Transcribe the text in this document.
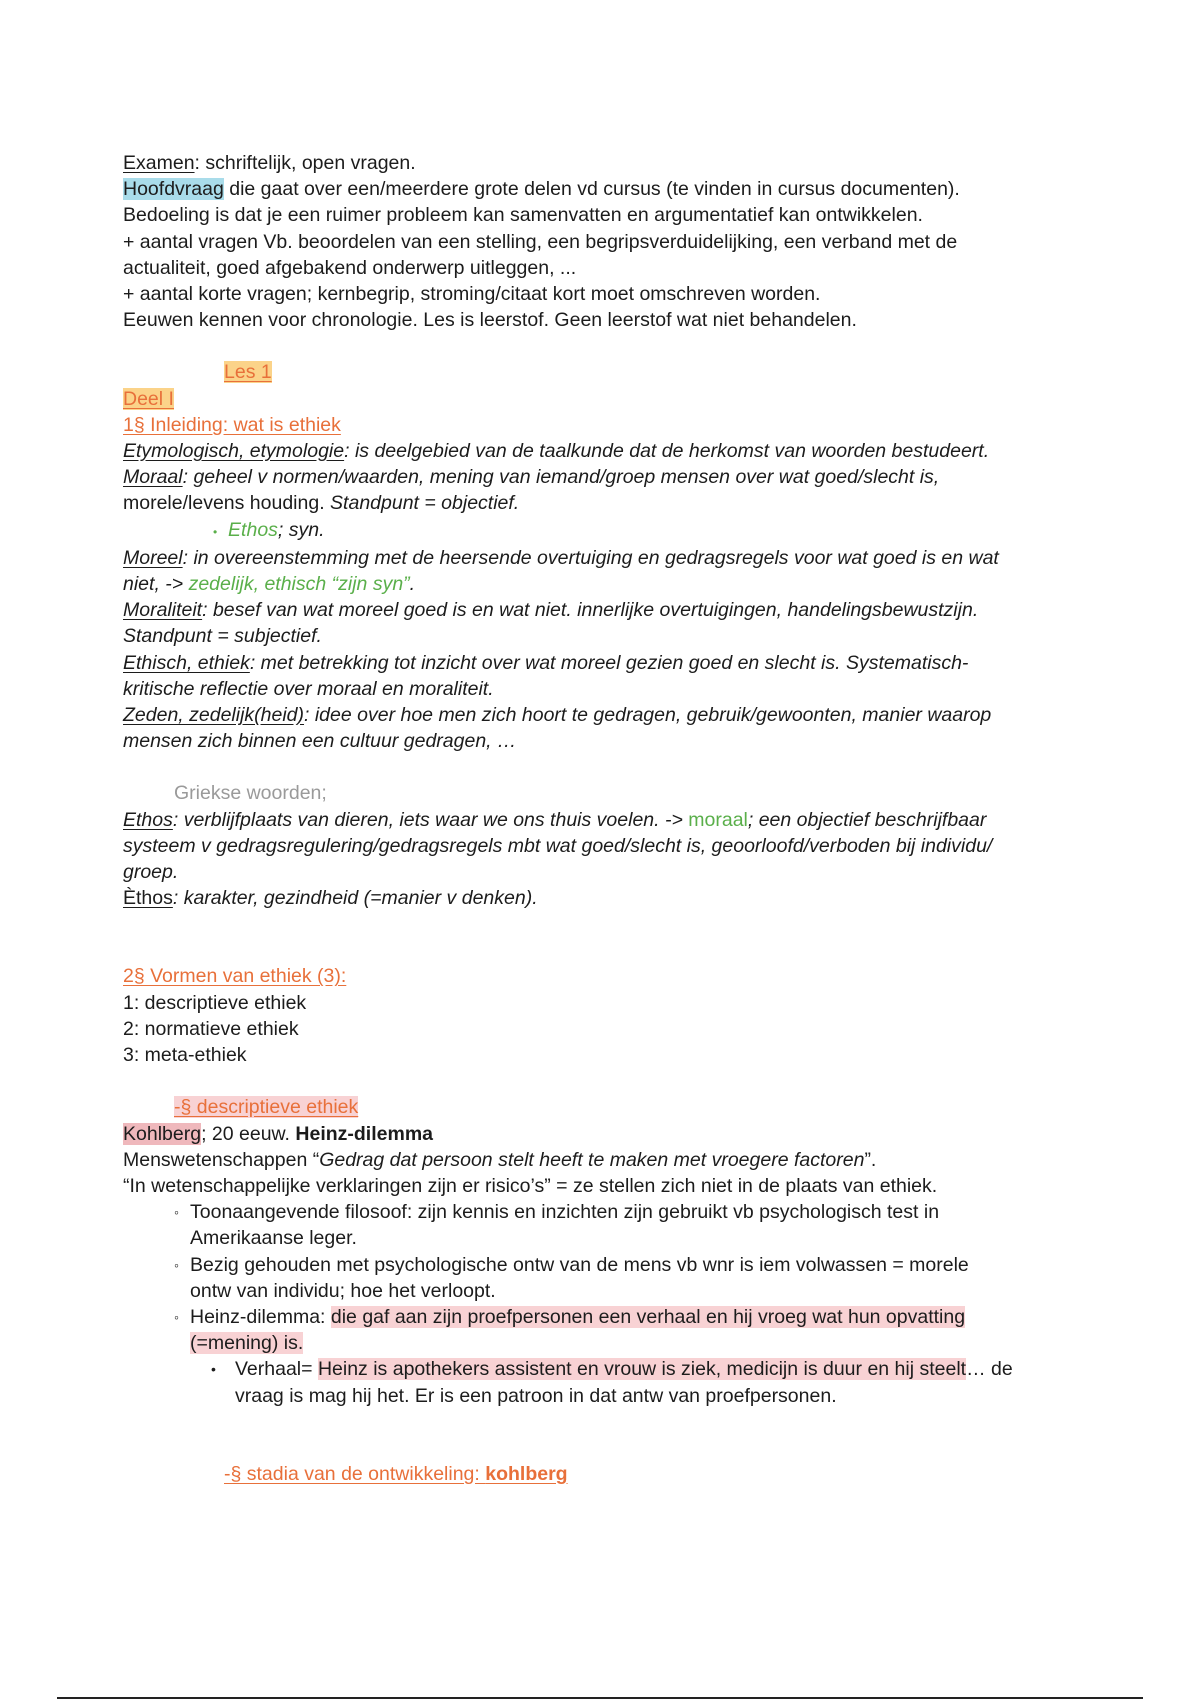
Examen: schriftelijk, open vragen.
Hoofdvraag die gaat over een/meerdere grote delen vd cursus (te vinden in cursus documenten).
Bedoeling is dat je een ruimer probleem kan samenvatten en argumentatief kan ontwikkelen.
+ aantal vragen Vb. beoordelen van een stelling, een begripsverduidelijking, een verband met de
actualiteit, goed afgebakend onderwerp uitleggen, ...
+ aantal korte vragen; kernbegrip, stroming/citaat kort moet omschreven worden.
Eeuwen kennen voor chronologie. Les is leerstof. Geen leerstof wat niet behandelen.
Les 1
Deel I
1§ Inleiding: wat is ethiek
Etymologisch, etymologie: is deelgebied van de taalkunde dat de herkomst van woorden bestudeert.
Moraal: geheel v normen/waarden, mening van iemand/groep mensen over wat goed/slecht is,
morele/levens houding. Standpunt = objectief.
• Ethos; syn.
Moreel: in overeenstemming met de heersende overtuiging en gedragsregels voor wat goed is en wat
niet, -> zedelijk, ethisch “zijn syn”.
Moraliteit: besef van wat moreel goed is en wat niet. innerlijke overtuigingen, handelingsbewustzijn.
Standpunt = subjectief.
Ethisch, ethiek: met betrekking tot inzicht over wat moreel gezien goed en slecht is. Systematisch-
kritische reflectie over moraal en moraliteit.
Zeden, zedelijk(heid): idee over hoe men zich hoort te gedragen, gebruik/gewoonten, manier waarop
mensen zich binnen een cultuur gedragen, …
Griekse woorden;
Ethos: verblijfplaats van dieren, iets waar we ons thuis voelen. -> moraal; een objectief beschrijfbaar
systeem v gedragsregulering/gedragsregels mbt wat goed/slecht is, geoorloofd/verboden bij individu/
groep.
Èthos: karakter, gezindheid (=manier v denken).
2§ Vormen van ethiek (3):
1: descriptieve ethiek
2: normatieve ethiek
3: meta-ethiek
-§ descriptieve ethiek
Kohlberg; 20 eeuw. Heinz-dilemma
Menswetenschappen “Gedrag dat persoon stelt heeft te maken met vroegere factoren”.
“In wetenschappelijke verklaringen zijn er risico’s” = ze stellen zich niet in de plaats van ethiek.
◦ Toonaangevende filosoof: zijn kennis en inzichten zijn gebruikt vb psychologisch test in
Amerikaanse leger.
◦ Bezig gehouden met psychologische ontw van de mens vb wnr is iem volwassen = morele
ontw van individu; hoe het verloopt.
◦ Heinz-dilemma: die gaf aan zijn proefpersonen een verhaal en hij vroeg wat hun opvatting
(=mening) is.
• Verhaal= Heinz is apothekers assistent en vrouw is ziek, medicijn is duur en hij steelt… de
vraag is mag hij het. Er is een patroon in dat antw van proefpersonen.
-§ stadia van de ontwikkeling: kohlberg
